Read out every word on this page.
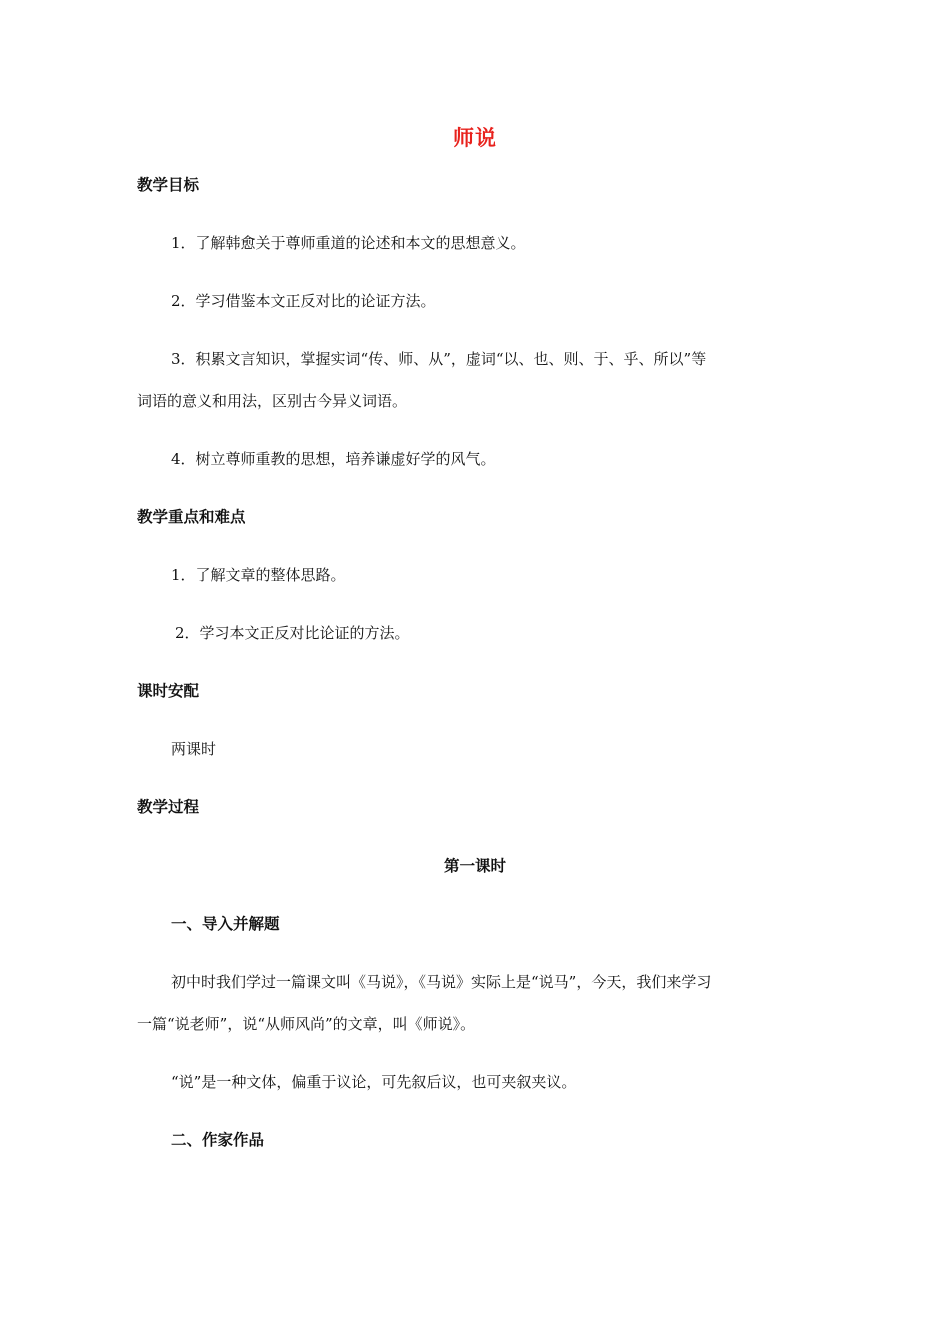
师说
教学目标
1．了解韩愈关于尊师重道的论述和本文的思想意义。
2．学习借鉴本文正反对比的论证方法。
3．积累文言知识，掌握实词“传、师、从”，虚词“以、也、则、于、乎、所以”等
词语的意义和用法，区别古今异义词语。
4．树立尊师重教的思想，培养谦虚好学的风气。
教学重点和难点
1．了解文章的整体思路。
2．学习本文正反对比论证的方法。
课时安配
两课时
教学过程
第一课时
一、导入并解题
初中时我们学过一篇课文叫《马说》，《马说》实际上是“说马”，今天，我们来学习
一篇“说老师”，说“从师风尚”的文章，叫《师说》。
“说”是一种文体，偏重于议论，可先叙后议，也可夹叙夹议。
二、作家作品
